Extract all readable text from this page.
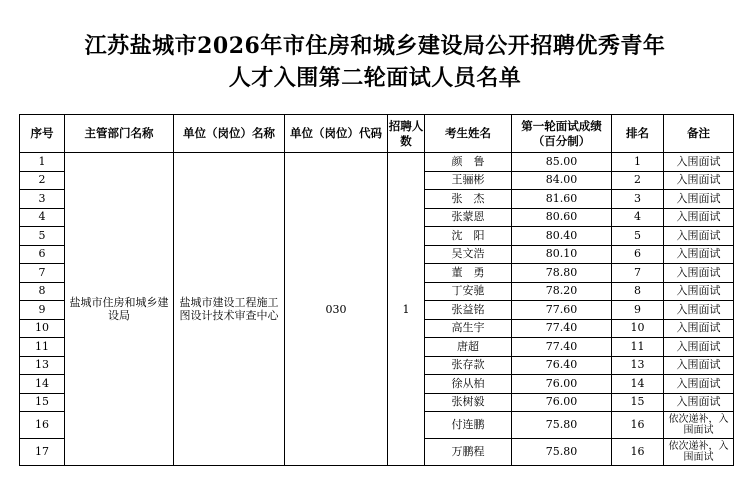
江苏盐城市2026年市住房和城乡建设局公开招聘优秀青年
人才入围第二轮面试人员名单
序号	主管部门名称	单位（岗位）名称	单位（岗位）代码	招聘人数	考生姓名	第一轮面试成绩（百分制）	排名	备注
1	盐城市住房和城乡建设局	盐城市建设工程施工图设计技术审查中心	030	1	颜　鲁	85.00	1	入围面试
2					王骊彬	84.00	2	入围面试
3					张　杰	81.60	3	入围面试
4					张蒙恩	80.60	4	入围面试
5					沈　阳	80.40	5	入围面试
6					吴文浩	80.10	6	入围面试
7					董　勇	78.80	7	入围面试
8					丁安驰	78.20	8	入围面试
9					张益铭	77.60	9	入围面试
10					高生宇	77.40	10	入围面试
11					唐超	77.40	11	入围面试
13					张存款	76.40	13	入围面试
14					徐从柏	76.00	14	入围面试
15					张树毅	76.00	15	入围面试
16					付连鹏	75.80	16	依次递补，入围面试
17					万鹏程	75.80	16	依次递补，入围面试
